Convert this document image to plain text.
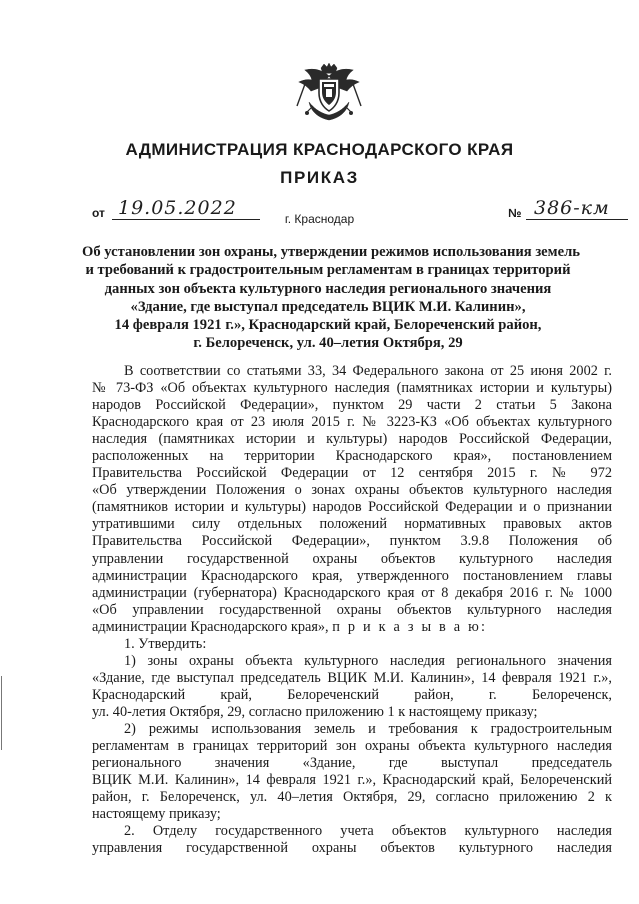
АДМИНИСТРАЦИЯ КРАСНОДАРСКОГО КРАЯ
ПРИКАЗ
от 19.05.2022	№ 386-км
г. Краснодар
Об установлении зон охраны, утверждении режимов использования земель
и требований к градостроительным регламентам в границах территорий
данных зон объекта культурного наследия регионального значения
«Здание, где выступал председатель ВЦИК М.И. Калинин»,
14 февраля 1921 г.», Краснодарский край, Белореченский район,
г. Белореченск, ул. 40–летия Октября, 29

В соответствии со статьями 33, 34 Федерального закона от 25 июня 2002 г.

№ 73-ФЗ «Об объектах культурного наследия (памятниках истории и культуры)

народов Российской Федерации», пунктом 29 части 2 статьи 5 Закона

Краснодарского края от 23 июля 2015 г. № 3223-КЗ «Об объектах культурного

наследия (памятниках истории и культуры) народов Российской Федерации,

расположенных на территории Краснодарского края», постановлением

Правительства Российской Федерации от 12 сентября 2015 г. № 972

«Об утверждении Положения о зонах охраны объектов культурного наследия

(памятников истории и культуры) народов Российской Федерации и о признании

утратившими силу отдельных положений нормативных правовых актов

Правительства Российской Федерации», пунктом 3.9.8 Положения об

управлении государственной охраны объектов культурного наследия

администрации Краснодарского края, утвержденного постановлением главы

администрации (губернатора) Краснодарского края от 8 декабря 2016 г. № 1000

«Об управлении государственной охраны объектов культурного наследия

администрации Краснодарского края», п р и к а з ы в а ю:

1. Утвердить:

1) зоны охраны объекта культурного наследия регионального значения

«Здание, где выступал председатель ВЦИК М.И. Калинин», 14 февраля 1921 г.»,

Краснодарский край, Белореченский район, г. Белореченск,

ул. 40-летия Октября, 29, согласно приложению 1 к настоящему приказу;

2) режимы использования земель и требования к градостроительным

регламентам в границах территорий зон охраны объекта культурного наследия

регионального значения «Здание, где выступал председатель

ВЦИК М.И. Калинин», 14 февраля 1921 г.», Краснодарский край, Белореченский

район, г. Белореченск, ул. 40–летия Октября, 29, согласно приложению 2 к

настоящему приказу;

2. Отделу государственного учета объектов культурного наследия

управления государственной охраны объектов культурного наследия
